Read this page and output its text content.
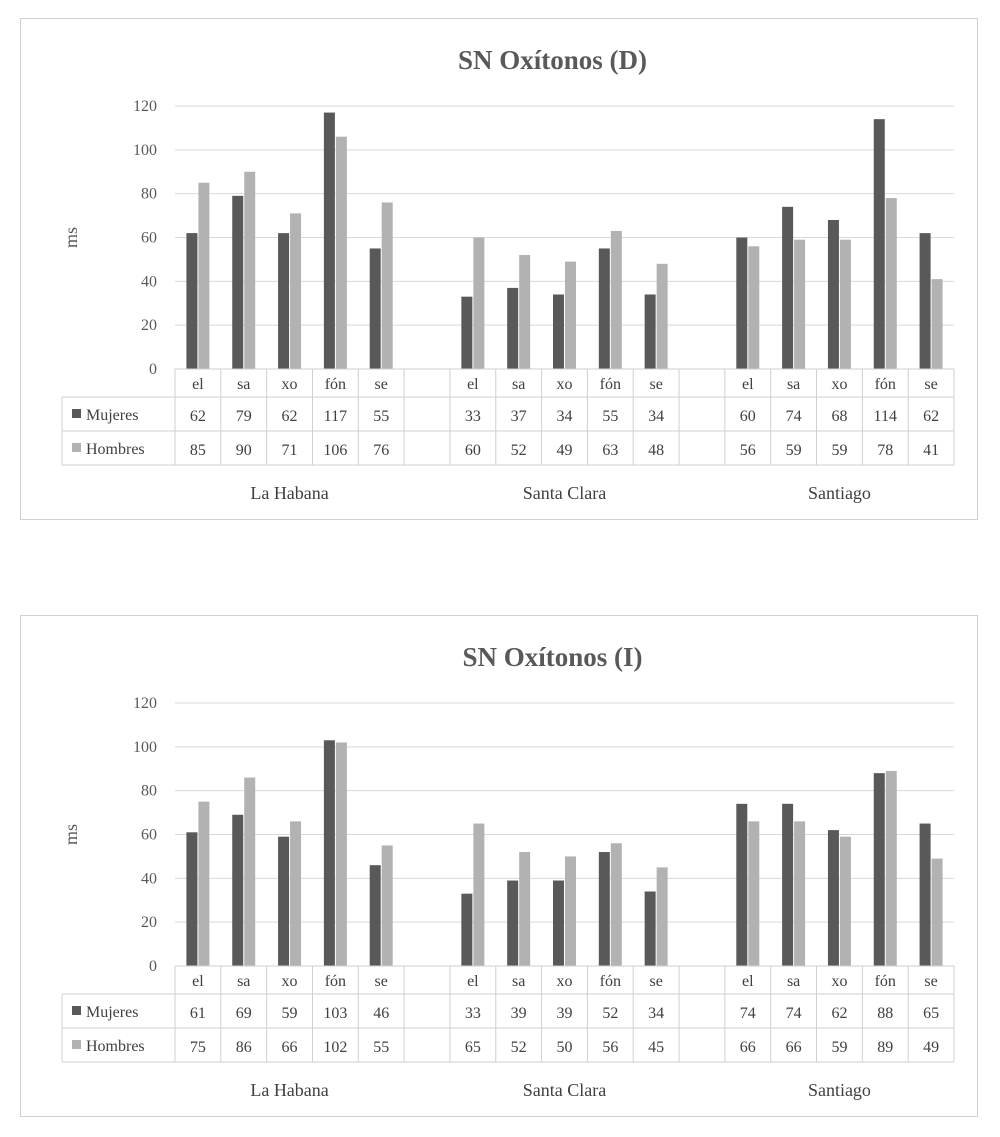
SN Oxítonos (D)
0
20
40
60
80
100
120
ms
el
62
85
sa
79
90
xo
62
71
fón
117
106
se
55
76
La Habana
el
33
60
sa
37
52
xo
34
49
fón
55
63
se
34
48
Santa Clara
el
60
56
sa
74
59
xo
68
59
fón
114
78
se
62
41
Santiago
Mujeres
Hombres
SN Oxítonos (I)
0
20
40
60
80
100
120
ms
el
61
75
sa
69
86
xo
59
66
fón
103
102
se
46
55
La Habana
el
33
65
sa
39
52
xo
39
50
fón
52
56
se
34
45
Santa Clara
el
74
66
sa
74
66
xo
62
59
fón
88
89
se
65
49
Santiago
Mujeres
Hombres
